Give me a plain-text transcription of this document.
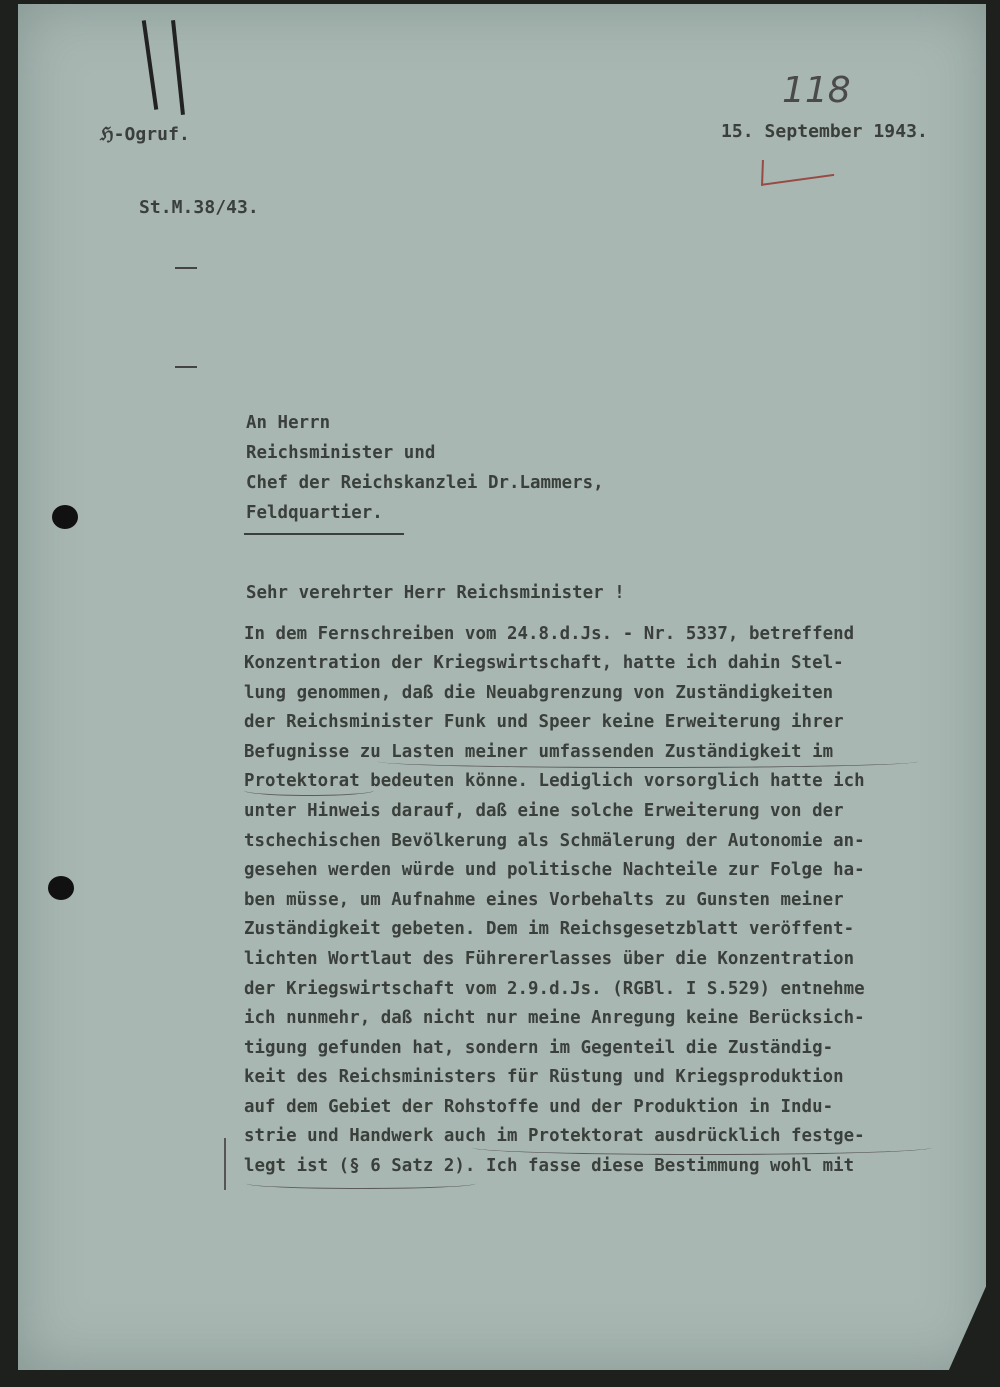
118
ℌ-Ogruf.	15. September 1943.
St.M.38/43.
An Herrn
Reichsminister und
Chef der Reichskanzlei Dr.Lammers,
Feldquartier.
Sehr verehrter Herr Reichsminister !
In dem Fernschreiben vom 24.8.d.Js. - Nr. 5337, betreffend
Konzentration der Kriegswirtschaft, hatte ich dahin Stel-
lung genommen, daß die Neuabgrenzung von Zuständigkeiten
der Reichsminister Funk und Speer keine Erweiterung ihrer
Befugnisse zu Lasten meiner umfassenden Zuständigkeit im
Protektorat bedeuten könne. Lediglich vorsorglich hatte ich
unter Hinweis darauf, daß eine solche Erweiterung von der
tschechischen Bevölkerung als Schmälerung der Autonomie an-
gesehen werden würde und politische Nachteile zur Folge ha-
ben müsse, um Aufnahme eines Vorbehalts zu Gunsten meiner
Zuständigkeit gebeten. Dem im Reichsgesetzblatt veröffent-
lichten Wortlaut des Führererlasses über die Konzentration
der Kriegswirtschaft vom 2.9.d.Js. (RGBl. I S.529) entnehme
ich nunmehr, daß nicht nur meine Anregung keine Berücksich-
tigung gefunden hat, sondern im Gegenteil die Zuständig-
keit des Reichsministers für Rüstung und Kriegsproduktion
auf dem Gebiet der Rohstoffe und der Produktion in Indu-
strie und Handwerk auch im Protektorat ausdrücklich festge-
legt ist (§ 6 Satz 2). Ich fasse diese Bestimmung wohl mit
